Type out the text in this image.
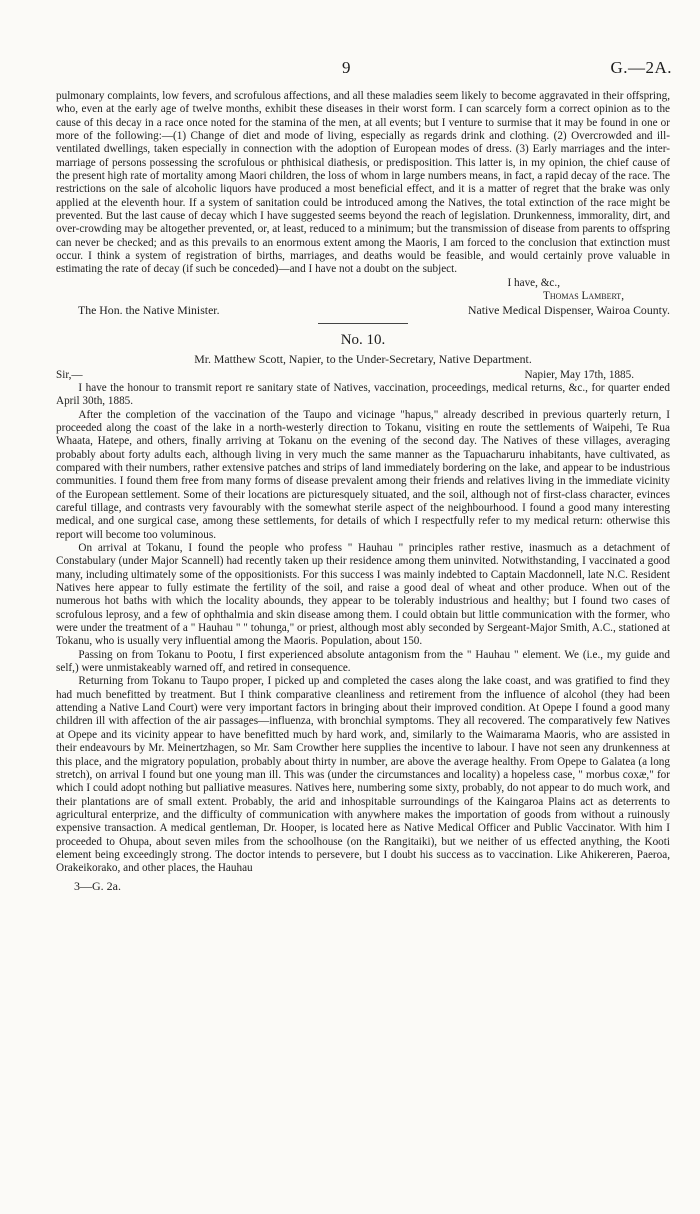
9	G.—2A.

pulmonary complaints, low fevers, and scrofulous affections, and all these maladies seem likely to become aggravated in their offspring, who, even at the early age of twelve months, exhibit these diseases in their worst form. I can scarcely form a correct opinion as to the cause of this decay in a race once noted for the stamina of the men, at all events; but I venture to surmise that it may be found in one or more of the following:—(1) Change of diet and mode of living, especially as regards drink and clothing. (2) Overcrowded and ill-ventilated dwellings, taken especially in connection with the adoption of European modes of dress. (3) Early marriages and the inter-marriage of persons possessing the scrofulous or phthisical diathesis, or predisposition. This latter is, in my opinion, the chief cause of the present high rate of mortality among Maori children, the loss of whom in large numbers means, in fact, a rapid decay of the race. The restrictions on the sale of alcoholic liquors have produced a most beneficial effect, and it is a matter of regret that the brake was only applied at the eleventh hour. If a system of sanitation could be introduced among the Natives, the total extinction of the race might be prevented. But the last cause of decay which I have suggested seems beyond the reach of legislation. Drunkenness, immorality, dirt, and over-crowding may be altogether prevented, or, at least, reduced to a minimum; but the transmission of disease from parents to offspring can never be checked; and as this prevails to an enormous extent among the Maoris, I am forced to the conclusion that extinction must occur. I think a system of registration of births, marriages, and deaths would be feasible, and would certainly prove valuable in estimating the rate of decay (if such be conceded)—and I have not a doubt on the subject.

I have, &c.,

Thomas Lambert,

The Hon. the Native Minister.	Native Medical Dispenser, Wairoa County.
No. 10.

Mr. Matthew Scott, Napier, to the Under-Secretary, Native Department.

Sir,—	Napier, May 17th, 1885.

I have the honour to transmit report re sanitary state of Natives, vaccination, proceedings, medical returns, &c., for quarter ended April 30th, 1885.

After the completion of the vaccination of the Taupo and vicinage "hapus," already described in previous quarterly return, I proceeded along the coast of the lake in a north-westerly direction to Tokanu, visiting en route the settlements of Waipehi, Te Rua Whaata, Hatepe, and others, finally arriving at Tokanu on the evening of the second day. The Natives of these villages, averaging probably about forty adults each, although living in very much the same manner as the Tapuacharuru inhabitants, have cultivated, as compared with their numbers, rather extensive patches and strips of land immediately bordering on the lake, and appear to be industrious communities. I found them free from many forms of disease prevalent among their friends and relatives living in the immediate vicinity of the European settlement. Some of their locations are picturesquely situated, and the soil, although not of first-class character, evinces careful tillage, and contrasts very favourably with the somewhat sterile aspect of the neighbourhood. I found a good many interesting medical, and one surgical case, among these settlements, for details of which I respectfully refer to my medical return: otherwise this report will become too voluminous.

On arrival at Tokanu, I found the people who profess " Hauhau " principles rather restive, inasmuch as a detachment of Constabulary (under Major Scannell) had recently taken up their residence among them uninvited. Notwithstanding, I vaccinated a good many, including ultimately some of the oppositionists. For this success I was mainly indebted to Captain Macdonnell, late N.C. Resident Natives here appear to fully estimate the fertility of the soil, and raise a good deal of wheat and other produce. When out of the numerous hot baths with which the locality abounds, they appear to be tolerably industrious and healthy; but I found two cases of scrofulous leprosy, and a few of ophthalmia and skin disease among them. I could obtain but little communication with the former, who were under the treatment of a " Hauhau " " tohunga," or priest, although most ably seconded by Sergeant-Major Smith, A.C., stationed at Tokanu, who is usually very influential among the Maoris. Population, about 150.

Passing on from Tokanu to Pootu, I first experienced absolute antagonism from the " Hauhau " element. We (i.e., my guide and self,) were unmistakeably warned off, and retired in consequence.

Returning from Tokanu to Taupo proper, I picked up and completed the cases along the lake coast, and was gratified to find they had much benefitted by treatment. But I think comparative cleanliness and retirement from the influence of alcohol (they had been attending a Native Land Court) were very important factors in bringing about their improved condition. At Opepe I found a good many children ill with affection of the air passages—influenza, with bronchial symptoms. They all recovered. The comparatively few Natives at Opepe and its vicinity appear to have benefitted much by hard work, and, similarly to the Waimarama Maoris, who are assisted in their endeavours by Mr. Meinertzhagen, so Mr. Sam Crowther here supplies the incentive to labour. I have not seen any drunkenness at this place, and the migratory population, probably about thirty in number, are above the average healthy. From Opepe to Galatea (a long stretch), on arrival I found but one young man ill. This was (under the circumstances and locality) a hopeless case, " morbus coxæ," for which I could adopt nothing but palliative measures. Natives here, numbering some sixty, probably, do not appear to do much work, and their plantations are of small extent. Probably, the arid and inhospitable surroundings of the Kaingaroa Plains act as deterrents to agricultural enterprize, and the difficulty of communication with anywhere makes the importation of goods from without a ruinously expensive transaction. A medical gentleman, Dr. Hooper, is located here as Native Medical Officer and Public Vaccinator. With him I proceeded to Ohupa, about seven miles from the schoolhouse (on the Rangitaiki), but we neither of us effected anything, the Kooti element being exceedingly strong. The doctor intends to persevere, but I doubt his success as to vaccination. Like Ahikereren, Paeroa, Orakeikorako, and other places, the Hauhau

3—G. 2a.
